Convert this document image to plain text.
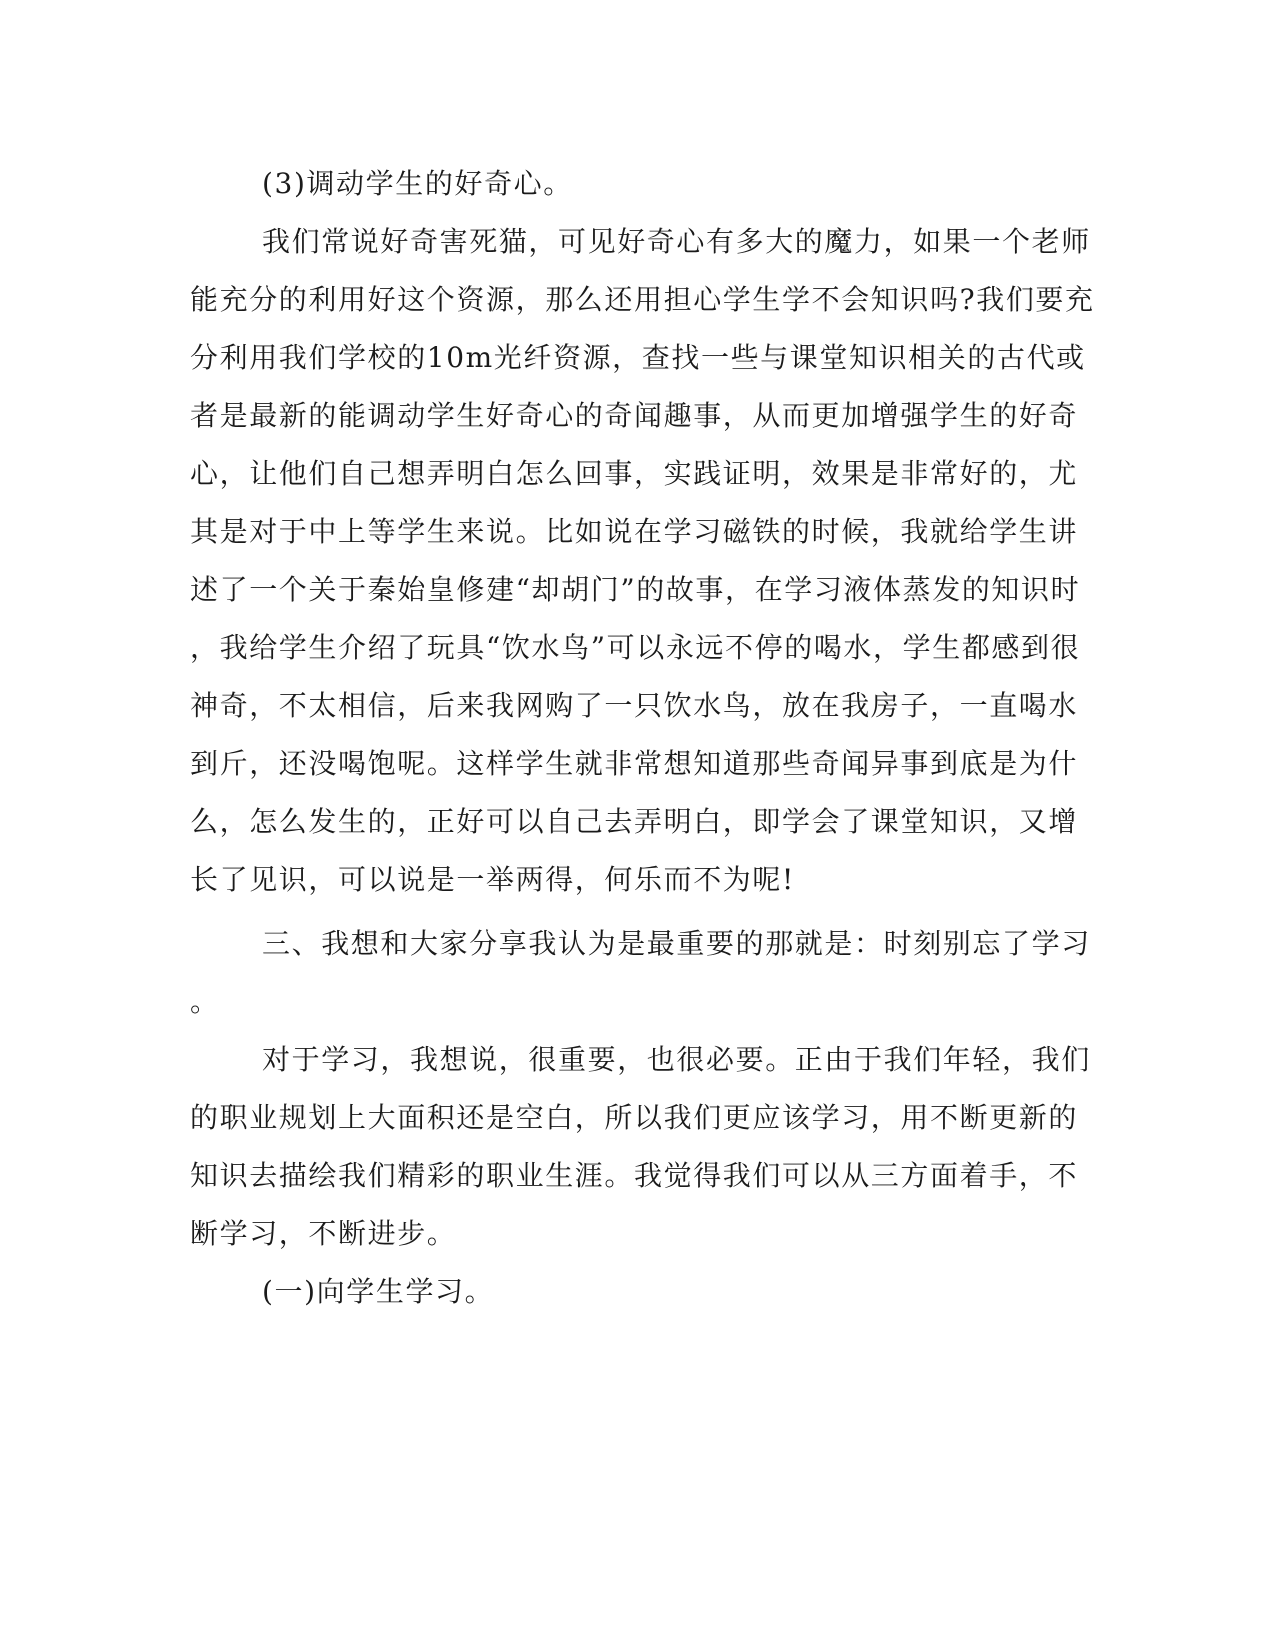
(3)调动学生的好奇心。
我们常说好奇害死猫，可见好奇心有多大的魔力，如果一个老师
能充分的利用好这个资源，那么还用担心学生学不会知识吗?我们要充
分利用我们学校的10m光纤资源，查找一些与课堂知识相关的古代或
者是最新的能调动学生好奇心的奇闻趣事，从而更加增强学生的好奇
心，让他们自己想弄明白怎么回事，实践证明，效果是非常好的，尤
其是对于中上等学生来说。比如说在学习磁铁的时候，我就给学生讲
述了一个关于秦始皇修建“却胡门”的故事，在学习液体蒸发的知识时
，我给学生介绍了玩具“饮水鸟”可以永远不停的喝水，学生都感到很
神奇，不太相信，后来我网购了一只饮水鸟，放在我房子，一直喝水
到斤，还没喝饱呢。这样学生就非常想知道那些奇闻异事到底是为什
么，怎么发生的，正好可以自己去弄明白，即学会了课堂知识，又增
长了见识，可以说是一举两得，何乐而不为呢!
三、我想和大家分享我认为是最重要的那就是：时刻别忘了学习
。
对于学习，我想说，很重要，也很必要。正由于我们年轻，我们
的职业规划上大面积还是空白，所以我们更应该学习，用不断更新的
知识去描绘我们精彩的职业生涯。我觉得我们可以从三方面着手，不
断学习，不断进步。
(一)向学生学习。
